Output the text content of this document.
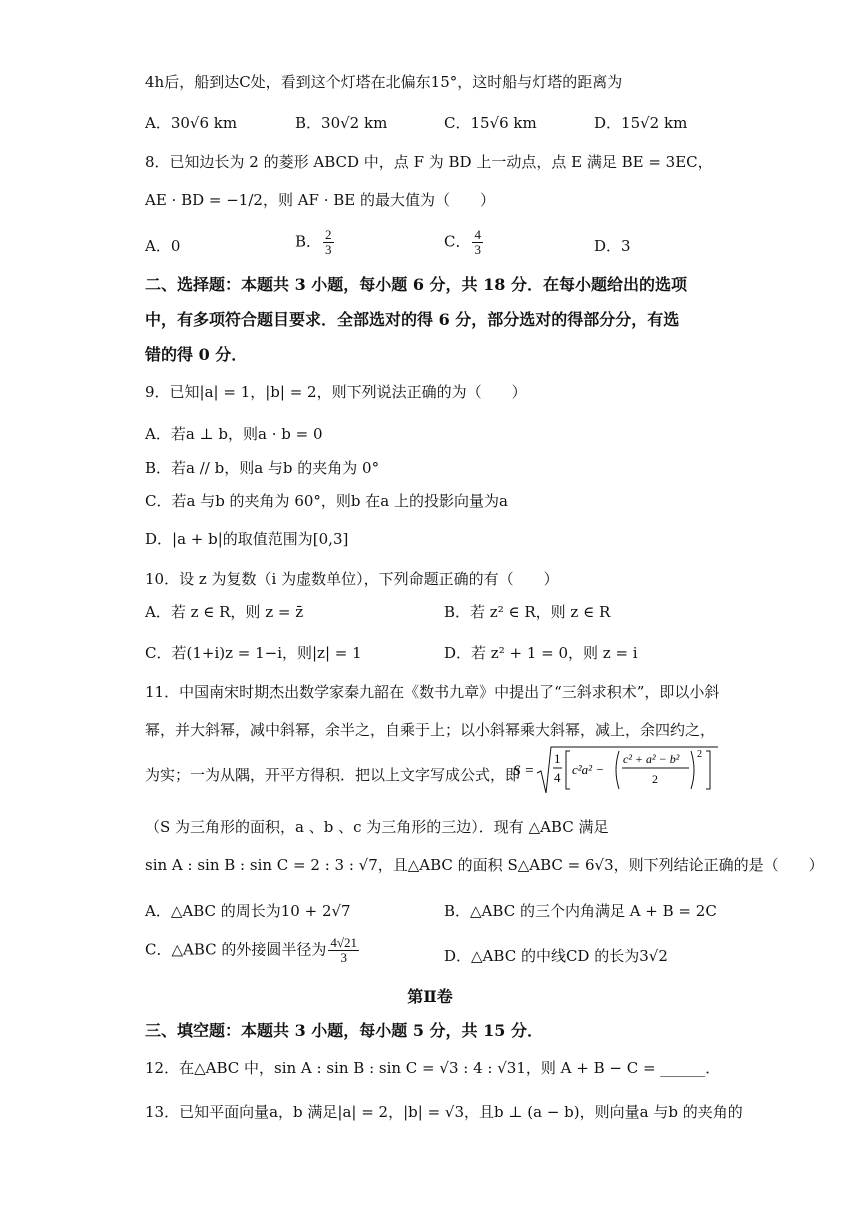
4h后，船到达C处，看到这个灯塔在北偏东15°，这时船与灯塔的距离为
A．30√6 km	B．30√2 km	C．15√6 km	D．15√2 km
8．已知边长为 2 的菱形 ABCD 中，点 F 为 BD 上一动点，点 E 满足 BE = 3EC，
AE · BD = −1/2，则 AF · BE 的最大值为（　　）
A．0	B． $\frac{2}{3}$	C． $\frac{4}{3}$	D．3
二、选择题：本题共 3 小题，每小题 6 分，共 18 分．在每小题给出的选项
中，有多项符合题目要求．全部选对的得 6 分，部分选对的得部分分，有选
错的得 0 分．
9．已知|a| = 1，|b| = 2，则下列说法正确的为（　　）
A．若a ⊥ b，则a · b = 0
B．若a // b，则a 与b 的夹角为 0°
C．若a 与b 的夹角为 60°，则b 在a 上的投影向量为a
D．|a + b|的取值范围为[0,3]
10．设 z 为复数（i 为虚数单位），下列命题正确的有（　　）
A．若 z ∈ R，则 z = z̄	B．若 z² ∈ R，则 z ∈ R
C．若(1+i)z = 1−i，则|z| = 1	D．若 z² + 1 = 0，则 z = i
11．中国南宋时期杰出数学家秦九韶在《数书九章》中提出了“三斜求积术”，即以小斜
幂，并大斜幂，减中斜幂，余半之，自乘于上；以小斜幂乘大斜幂，减上，余四约之，
为实；一为从隅，开平方得积．把以上文字写成公式，即
S =
1
4
c²a² −
c² + a² − b²
2
2
（S 为三角形的面积，a 、b 、c 为三角形的三边）．现有 △ABC 满足
sin A : sin B : sin C = 2 : 3 : √7，且△ABC 的面积 S△ABC = 6√3，则下列结论正确的是（　　）
A．△ABC 的周长为10 + 2√7	B．△ABC 的三个内角满足 A + B = 2C
C．△ABC 的外接圆半径为 $\frac{4√21}{3}$	D．△ABC 的中线CD 的长为3√2
第Ⅱ卷
三、填空题：本题共 3 小题，每小题 5 分，共 15 分．
12．在△ABC 中，sin A : sin B : sin C = √3 : 4 : √31，则 A + B − C = ______．
13．已知平面向量a，b 满足|a| = 2，|b| = √3，且b ⊥ (a − b)，则向量a 与b 的夹角的
